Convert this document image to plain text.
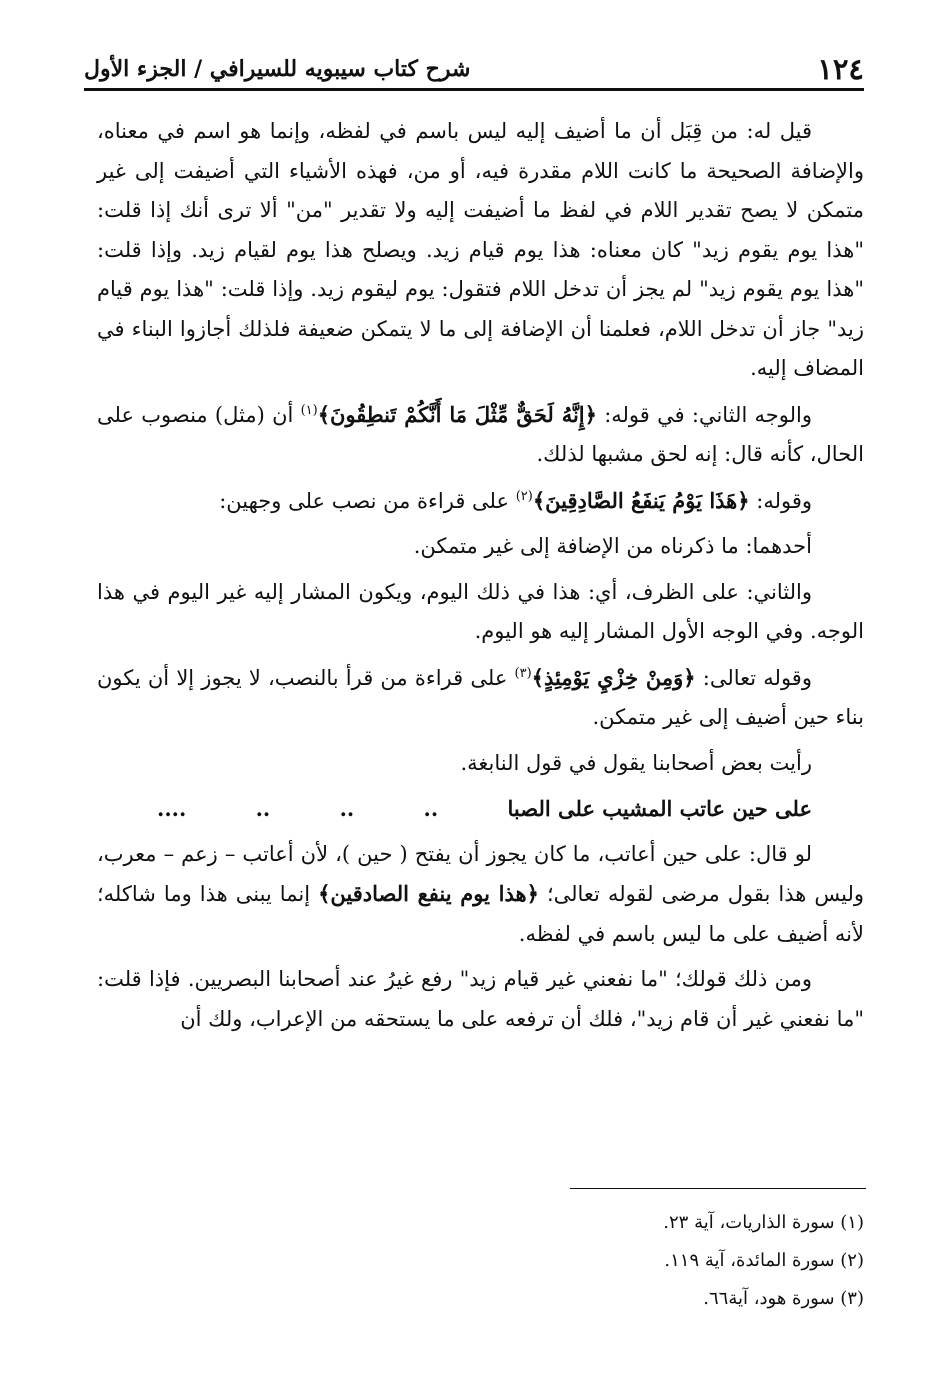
١٢٤
شرح كتاب سيبويه للسيرافي / الجزء الأول

قيل له: من قِبَل أن ما أضيف إليه ليس باسم في لفظه، وإنما هو اسم في معناه، والإضافة الصحيحة ما كانت اللام مقدرة فيه، أو من، فهذه الأشياء التي أضيفت إلى غير متمكن لا يصح تقدير اللام في لفظ ما أضيفت إليه ولا تقدير "من" ألا ترى أنك إذا قلت: "هذا يوم يقوم زيد" كان معناه: هذا يوم قيام زيد. ويصلح هذا يوم لقيام زيد. وإذا قلت: "هذا يوم يقوم زيد" لم يجز أن تدخل اللام فتقول: يوم ليقوم زيد. وإذا قلت: "هذا يوم قيام زيد" جاز أن تدخل اللام، فعلمنا أن الإضافة إلى ما لا يتمكن ضعيفة فلذلك أجازوا البناء في المضاف إليه.

والوجه الثاني: في قوله: ﴿إِنَّهُ لَحَقٌّ مِّثْلَ مَا أَنَّكُمْ تَنطِقُونَ﴾$^{(١)}$ أن (مثل) منصوب على الحال، كأنه قال: إنه لحق مشبها لذلك.

وقوله: ﴿هَذَا يَوْمُ يَنفَعُ الصَّادِقِينَ﴾$^{(٢)}$ على قراءة من نصب على وجهين:

أحدهما: ما ذكرناه من الإضافة إلى غير متمكن.

والثاني: على الظرف، أي: هذا في ذلك اليوم، ويكون المشار إليه غير اليوم في هذا الوجه. وفي الوجه الأول المشار إليه هو اليوم.

وقوله تعالى: ﴿وَمِنْ خِزْيِ يَوْمِئِذٍ﴾$^{(٣)}$ على قراءة من قرأ بالنصب، لا يجوز إلا أن يكون بناء حين أضيف إلى غير متمكن.

رأيت بعض أصحابنا يقول في قول النابغة.

على حين عاتب المشيب على الصبا
..
..
..
....

لو قال: على حين أعاتب، ما كان يجوز أن يفتح ( حين )، لأن أعاتب – زعم – معرب، وليس هذا بقول مرضى لقوله تعالى؛ ﴿هذا يوم ينفع الصادقين﴾ إنما يبنى هذا وما شاكله؛ لأنه أضيف على ما ليس باسم في لفظه.

ومن ذلك قولك؛ "ما نفعني غير قيام زيد" رفع غيرُ عند أصحابنا البصريين. فإذا قلت: "ما نفعني غير أن قام زيد"، فلك أن ترفعه على ما يستحقه من الإعراب، ولك أن

(١) سورة الذاريات، آية ٢٣.
(٢) سورة المائدة، آية ١١٩.
(٣) سورة هود، آية٦٦.
